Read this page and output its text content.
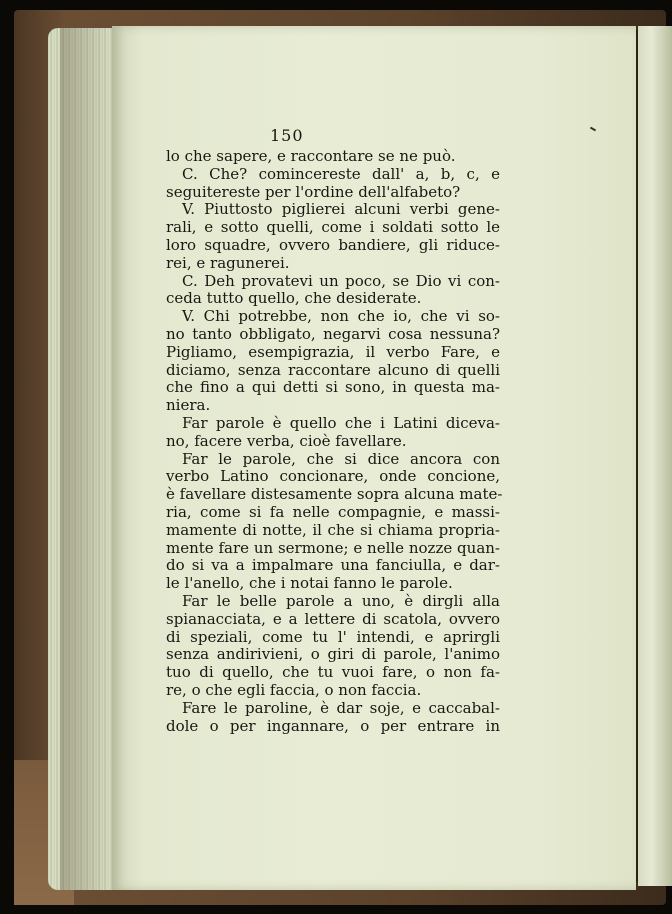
150
lo che sapere, e raccontare se ne può.
C. Che? comincereste dall' a, b, c, e
seguitereste per l'ordine dell'alfabeto?
V. Piuttosto piglierei alcuni verbi gene-
rali, e sotto quelli, come i soldati sotto le
loro squadre, ovvero bandiere, gli riduce-
rei, e ragunerei.
C. Deh provatevi un poco, se Dio vi con-
ceda tutto quello, che desiderate.
V. Chi potrebbe, non che io, che vi so-
no tanto obbligato, negarvi cosa nessuna?
Pigliamo, esempigrazia, il verbo Fare, e
diciamo, senza raccontare alcuno di quelli
che fino a qui detti si sono, in questa ma-
niera.
Far parole è quello che i Latini diceva-
no, facere verba, cioè favellare.
Far le parole, che si dice ancora con
verbo Latino concionare, onde concione,
è favellare distesamente sopra alcuna mate-
ria, come si fa nelle compagnie, e massi-
mamente di notte, il che si chiama propria-
mente fare un sermone; e nelle nozze quan-
do si va a impalmare una fanciulla, e dar-
le l'anello, che i notai fanno le parole.
Far le belle parole a uno, è dirgli alla
spianacciata, e a lettere di scatola, ovvero
di speziali, come tu l' intendi, e aprirgli
senza andirivieni, o giri di parole, l'animo
tuo di quello, che tu vuoi fare, o non fa-
re, o che egli faccia, o non faccia.
Fare le paroline, è dar soje, e caccabal-
dole o per ingannare, o per entrare in
